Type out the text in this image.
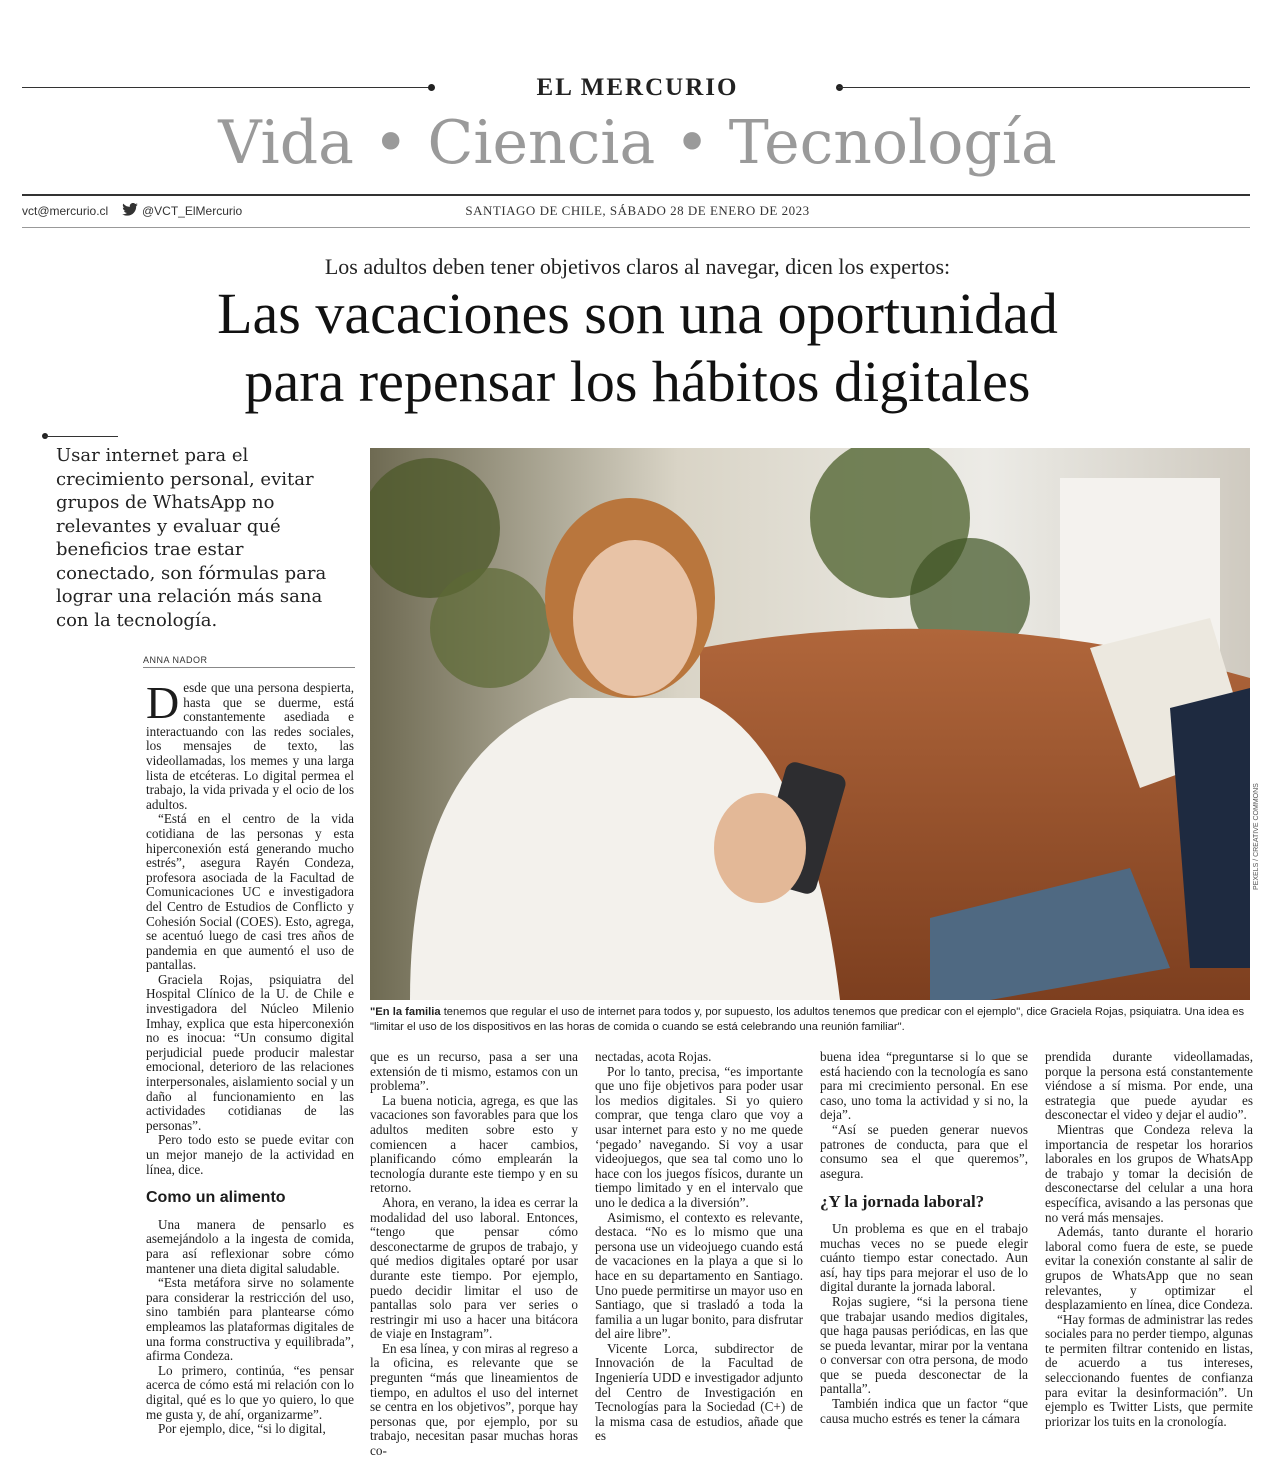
EL MERCURIO
Vida • Ciencia • Tecnología
vct@mercurio.cl	@VCT_ElMercurio	SANTIAGO DE CHILE, SÁBADO 28 DE ENERO DE 2023
Los adultos deben tener objetivos claros al navegar, dicen los expertos:
Las vacaciones son una oportunidad
para repensar los hábitos digitales
Usar internet para el crecimiento personal, evitar grupos de WhatsApp no relevantes y evaluar qué beneficios trae estar conectado, son fórmulas para lograr una relación más sana con la tecnología.
ANNA NADOR
PEXELS / CREATIVE COMMONS
"En la familia tenemos que regular el uso de internet para todos y, por supuesto, los adultos tenemos que predicar con el ejemplo", dice Graciela Rojas, psiquiatra. Una idea es "limitar el uso de los dispositivos en las horas de comida o cuando se está celebrando una reunión familiar".

Desde que una persona despierta, hasta que se duerme, está constantemente asediada e interactuando con las redes sociales, los mensajes de texto, las videollamadas, los memes y una larga lista de etcéteras. Lo digital permea el trabajo, la vida privada y el ocio de los adultos.

“Está en el centro de la vida cotidiana de las personas y esta hiperconexión está generando mucho estrés”, asegura Rayén Condeza, profesora asociada de la Facultad de Comunicaciones UC e investigadora del Centro de Estudios de Conflicto y Cohesión Social (COES). Esto, agrega, se acentuó luego de casi tres años de pandemia en que aumentó el uso de pantallas.

Graciela Rojas, psiquiatra del Hospital Clínico de la U. de Chile e investigadora del Núcleo Milenio Imhay, explica que esta hiperconexión no es inocua: “Un consumo digital perjudicial puede producir malestar emocional, deterioro de las relaciones interpersonales, aislamiento social y un daño al funcionamiento en las actividades cotidianas de las personas”.

Pero todo esto se puede evitar con un mejor manejo de la actividad en línea, dice.

Como un alimento

Una manera de pensarlo es asemejándolo a la ingesta de comida, para así reflexionar sobre cómo mantener una dieta digital saludable.

“Esta metáfora sirve no solamente para considerar la restricción del uso, sino también para plantearse cómo empleamos las plataformas digitales de una forma constructiva y equilibrada”, afirma Condeza.

Lo primero, continúa, “es pensar acerca de cómo está mi relación con lo digital, qué es lo que yo quiero, lo que me gusta y, de ahí, organizarme”.

Por ejemplo, dice, “si lo digital,

que es un recurso, pasa a ser una extensión de ti mismo, estamos con un problema”.

La buena noticia, agrega, es que las vacaciones son favorables para que los adultos mediten sobre esto y comiencen a hacer cambios, planificando cómo emplearán la tecnología durante este tiempo y en su retorno.

Ahora, en verano, la idea es cerrar la modalidad del uso laboral. Entonces, “tengo que pensar cómo desconectarme de grupos de trabajo, y qué medios digitales optaré por usar durante este tiempo. Por ejemplo, puedo decidir limitar el uso de pantallas solo para ver series o restringir mi uso a hacer una bitácora de viaje en Instagram”.

En esa línea, y con miras al regreso a la oficina, es relevante que se pregunten “más que lineamientos de tiempo, en adultos el uso del internet se centra en los objetivos”, porque hay personas que, por ejemplo, por su trabajo, necesitan pasar muchas horas co-

nectadas, acota Rojas.

Por lo tanto, precisa, “es importante que uno fije objetivos para poder usar los medios digitales. Si yo quiero comprar, que tenga claro que voy a usar internet para esto y no me quede ‘pegado’ navegando. Si voy a usar videojuegos, que sea tal como uno lo hace con los juegos físicos, durante un tiempo limitado y en el intervalo que uno le dedica a la diversión”.

Asimismo, el contexto es relevante, destaca. “No es lo mismo que una persona use un videojuego cuando está de vacaciones en la playa a que si lo hace en su departamento en Santiago. Uno puede permitirse un mayor uso en Santiago, que si trasladó a toda la familia a un lugar bonito, para disfrutar del aire libre”.

Vicente Lorca, subdirector de Innovación de la Facultad de Ingeniería UDD e investigador adjunto del Centro de Investigación en Tecnologías para la Sociedad (C+) de la misma casa de estudios, añade que es

buena idea “preguntarse si lo que se está haciendo con la tecnología es sano para mi crecimiento personal. En ese caso, uno toma la actividad y si no, la deja”.

“Así se pueden generar nuevos patrones de conducta, para que el consumo sea el que queremos”, asegura.

¿Y la jornada laboral?

Un problema es que en el trabajo muchas veces no se puede elegir cuánto tiempo estar conectado. Aun así, hay tips para mejorar el uso de lo digital durante la jornada laboral.

Rojas sugiere, “si la persona tiene que trabajar usando medios digitales, que haga pausas periódicas, en las que se pueda levantar, mirar por la ventana o conversar con otra persona, de modo que se pueda desconectar de la pantalla”.

También indica que un factor “que causa mucho estrés es tener la cámara

prendida durante videollamadas, porque la persona está constantemente viéndose a sí misma. Por ende, una estrategia que puede ayudar es desconectar el video y dejar el audio”.

Mientras que Condeza releva la importancia de respetar los horarios laborales en los grupos de WhatsApp de trabajo y tomar la decisión de desconectarse del celular a una hora específica, avisando a las personas que no verá más mensajes.

Además, tanto durante el horario laboral como fuera de este, se puede evitar la conexión constante al salir de grupos de WhatsApp que no sean relevantes, y optimizar el desplazamiento en línea, dice Condeza.

“Hay formas de administrar las redes sociales para no perder tiempo, algunas te permiten filtrar contenido en listas, de acuerdo a tus intereses, seleccionando fuentes de confianza para evitar la desinformación”. Un ejemplo es Twitter Lists, que permite priorizar los tuits en la cronología.
